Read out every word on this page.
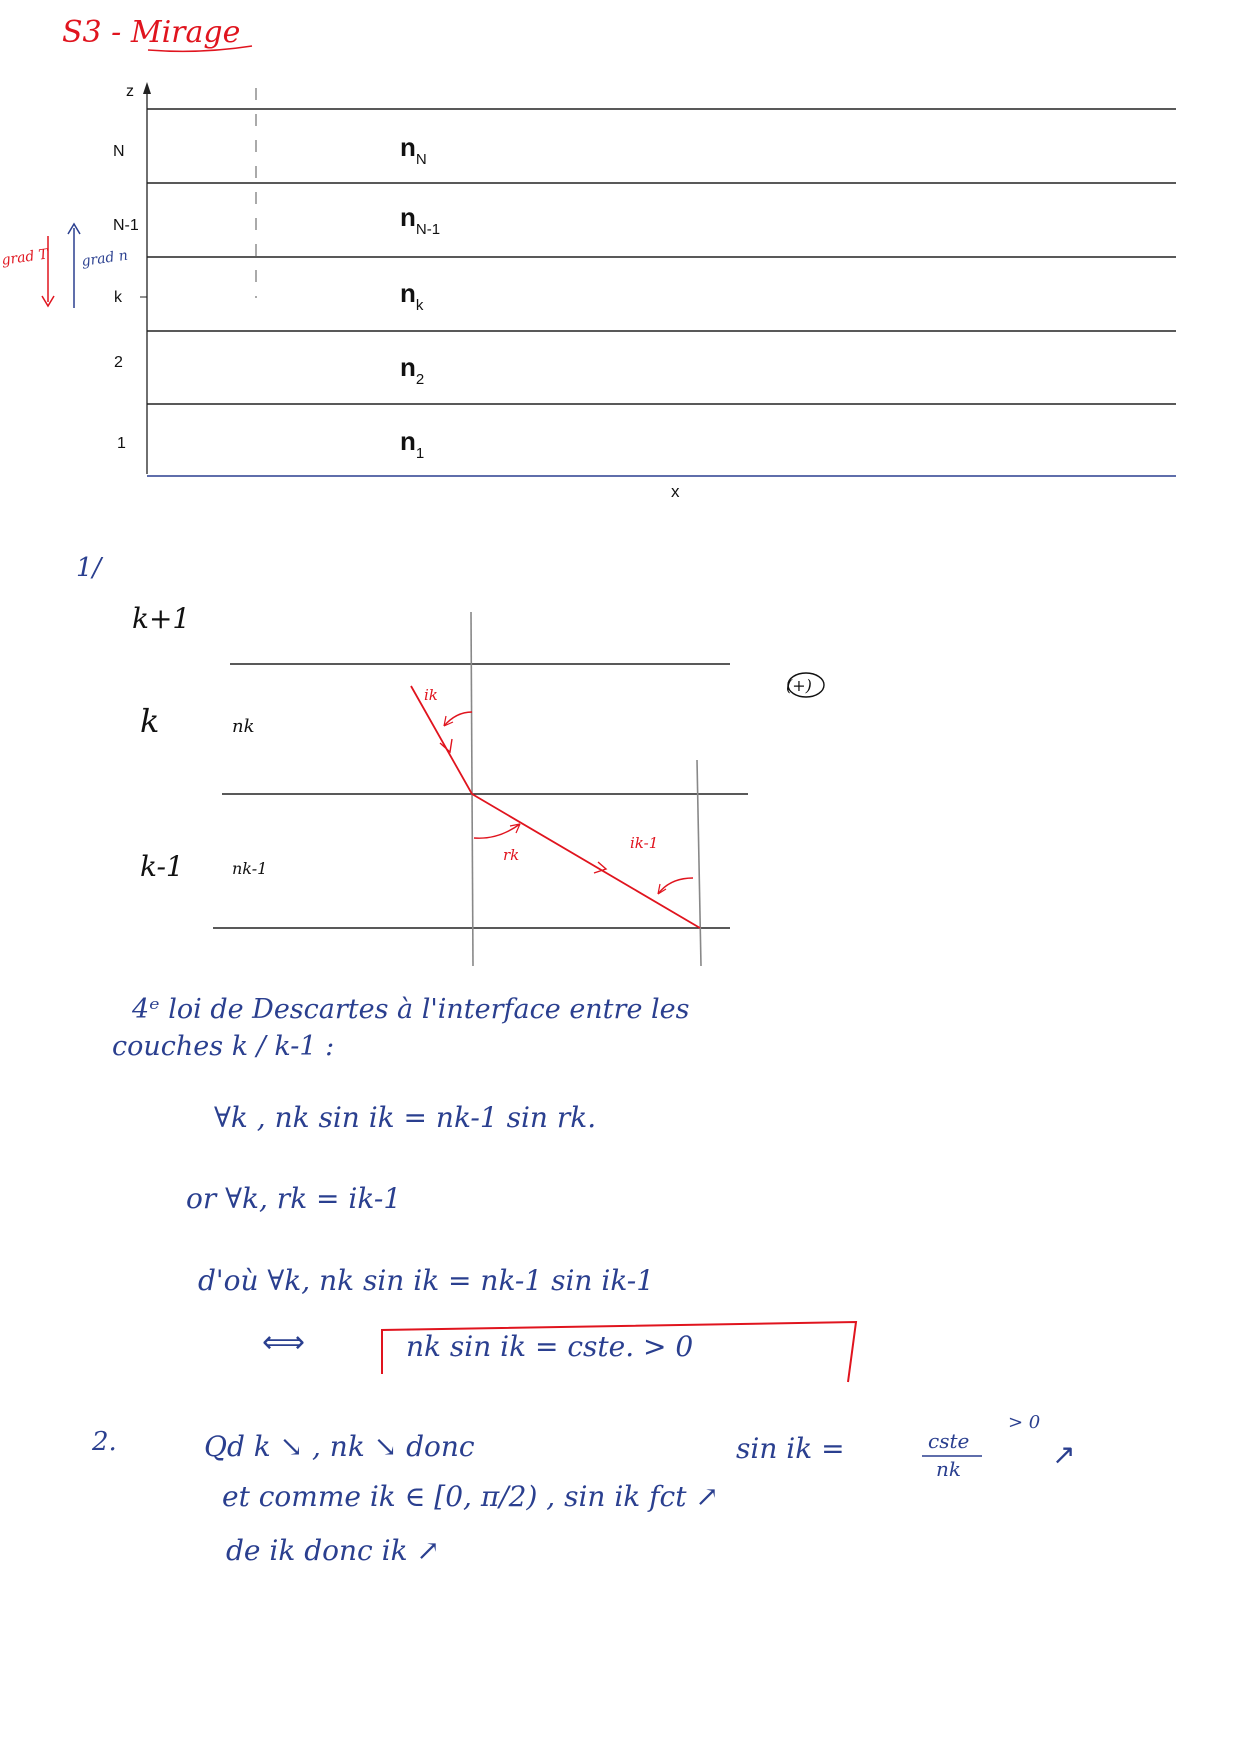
S3 - Mirage
z
N
N-1
k
2
1
$n_N$
$n_{N-1}$
$n_k$
$n_2$
$n_1$
x
grad T grad n
1/
k+1
k
k-1
nk
nk-1
ik
rk
ik-1
(+)
4ᵉ loi de Descartes à l'interface entre les
couches k / k-1 :
∀k , nk sin ik = nk-1 sin rk.
or ∀k, rk = ik-1
d'où ∀k, nk sin ik = nk-1 sin ik-1
⟺	nk sin ik = cste. > 0
2.	Qd k ↘ , nk ↘ donc	sin ik =	cste
nk
> 0
↗
et comme ik ∈ [0, π/2) , sin ik fct ↗
de ik donc ik ↗
